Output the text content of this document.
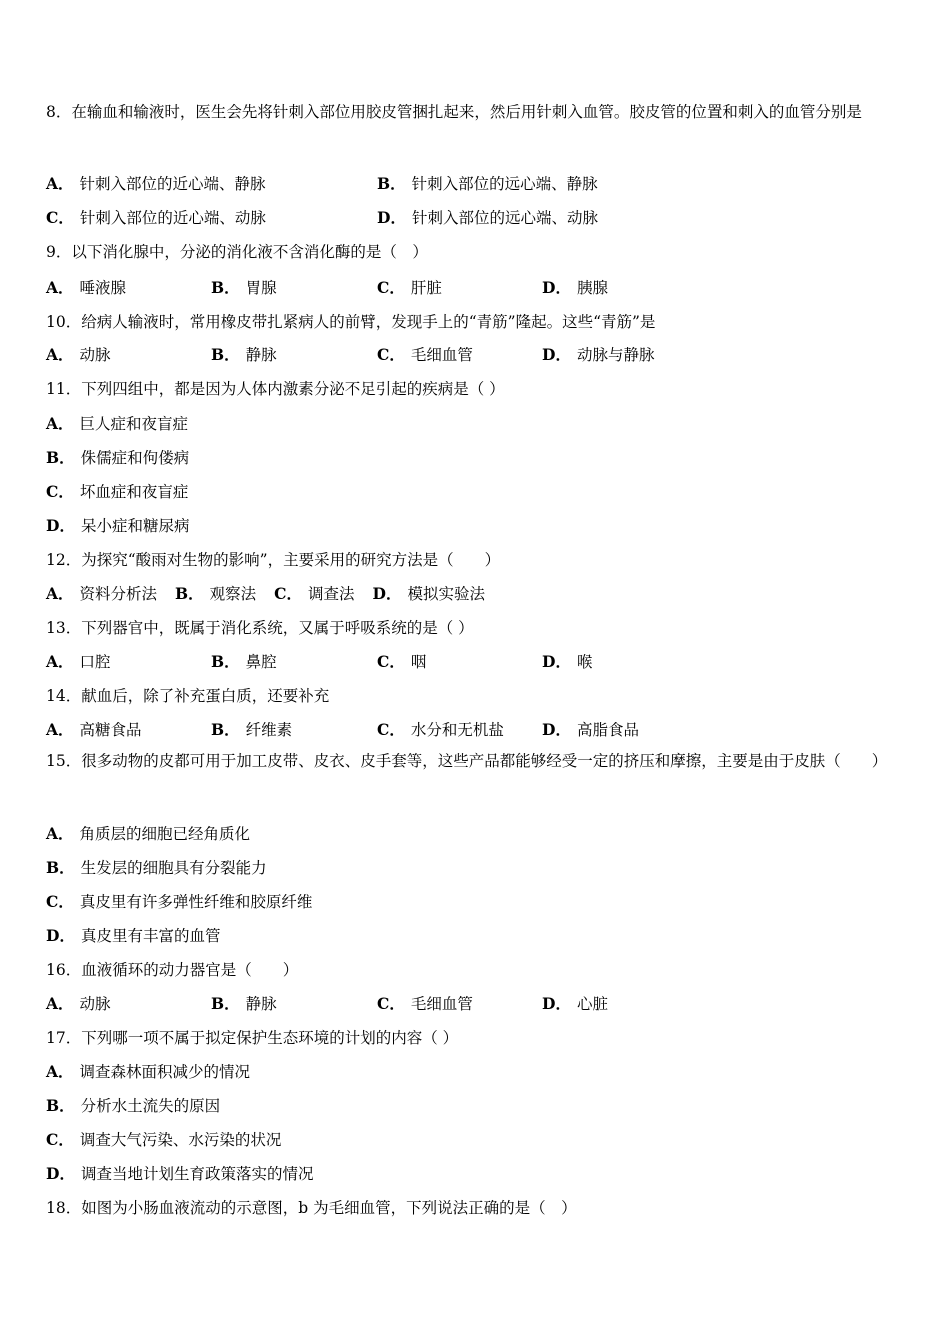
8．在输血和输液时，医生会先将针刺入部位用胶皮管捆扎起来，然后用针刺入血管。胶皮管的位置和刺入的血管分别是
A． 针刺入部位的近心端、静脉	B． 针刺入部位的远心端、静脉
C． 针刺入部位的近心端、动脉	D． 针刺入部位的远心端、动脉
9．以下消化腺中，分泌的消化液不含消化酶的是（　）
A． 唾液腺	B． 胃腺	C． 肝脏	D． 胰腺
10．给病人输液时，常用橡皮带扎紧病人的前臂，发现手上的“青筋”隆起。这些“青筋”是
A． 动脉	B． 静脉	C． 毛细血管	D． 动脉与静脉
11．下列四组中，都是因为人体内激素分泌不足引起的疾病是（ ）
A． 巨人症和夜盲症
B． 侏儒症和佝偻病
C． 坏血症和夜盲症
D． 呆小症和糖尿病
12．为探究“酸雨对生物的影响”，主要采用的研究方法是（　　）
A． 资料分析法 B． 观察法 C． 调查法 D． 模拟实验法
13．下列器官中，既属于消化系统，又属于呼吸系统的是（ ）
A． 口腔	B． 鼻腔	C． 咽	D． 喉
14．献血后，除了补充蛋白质，还要补充
A． 高糖食品	B． 纤维素	C． 水分和无机盐 D． 高脂食品
15．很多动物的皮都可用于加工皮带、皮衣、皮手套等，这些产品都能够经受一定的挤压和摩擦，主要是由于皮肤（　　）
A． 角质层的细胞已经角质化
B． 生发层的细胞具有分裂能力
C． 真皮里有许多弹性纤维和胶原纤维
D． 真皮里有丰富的血管
16．血液循环的动力器官是（　　）
A． 动脉	B． 静脉	C． 毛细血管	D． 心脏
17．下列哪一项不属于拟定保护生态环境的计划的内容（ ）
A． 调查森林面积减少的情况
B． 分析水土流失的原因
C． 调查大气污染、水污染的状况
D． 调查当地计划生育政策落实的情况
18．如图为小肠血液流动的示意图，b 为毛细血管，下列说法正确的是（　）
